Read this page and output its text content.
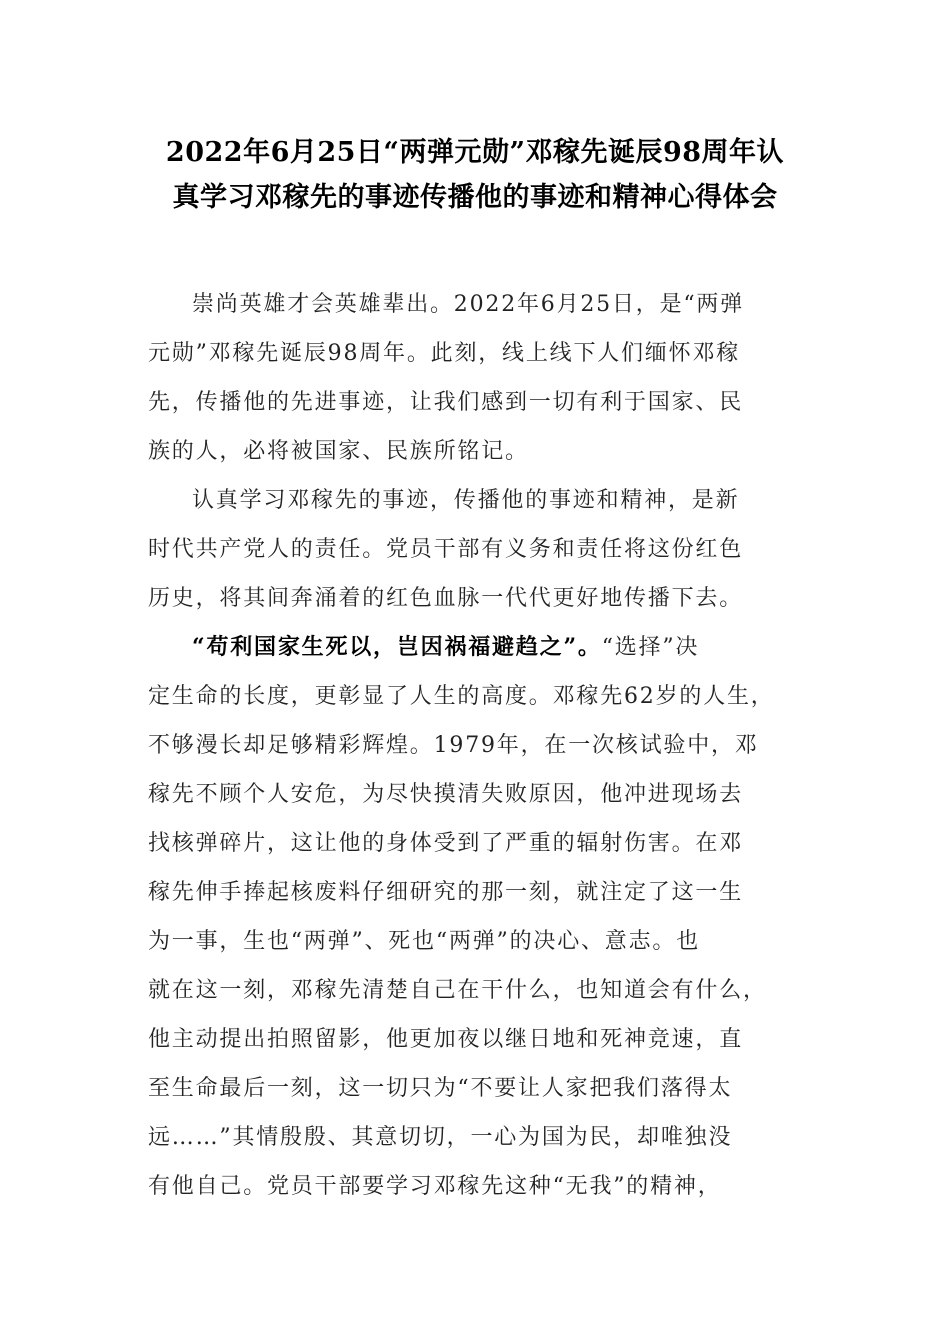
2022年6月25日“两弹元勋”邓稼先诞辰98周年认
真学习邓稼先的事迹传播他的事迹和精神心得体会
崇尚英雄才会英雄辈出。2022年6月25日，是“两弹
元勋”邓稼先诞辰98周年。此刻，线上线下人们缅怀邓稼
先，传播他的先进事迹，让我们感到一切有利于国家、民
族的人，必将被国家、民族所铭记。
认真学习邓稼先的事迹，传播他的事迹和精神，是新
时代共产党人的责任。党员干部有义务和责任将这份红色
历史，将其间奔涌着的红色血脉一代代更好地传播下去。
“苟利国家生死以，岂因祸福避趋之”。“选择”决
定生命的长度，更彰显了人生的高度。邓稼先62岁的人生，
不够漫长却足够精彩辉煌。1979年，在一次核试验中，邓
稼先不顾个人安危，为尽快摸清失败原因，他冲进现场去
找核弹碎片，这让他的身体受到了严重的辐射伤害。在邓
稼先伸手捧起核废料仔细研究的那一刻，就注定了这一生
为一事，生也“两弹”、死也“两弹”的决心、意志。也
就在这一刻，邓稼先清楚自己在干什么，也知道会有什么，
他主动提出拍照留影，他更加夜以继日地和死神竞速，直
至生命最后一刻，这一切只为“不要让人家把我们落得太
远……”其情殷殷、其意切切，一心为国为民，却唯独没
有他自己。党员干部要学习邓稼先这种“无我”的精神，
